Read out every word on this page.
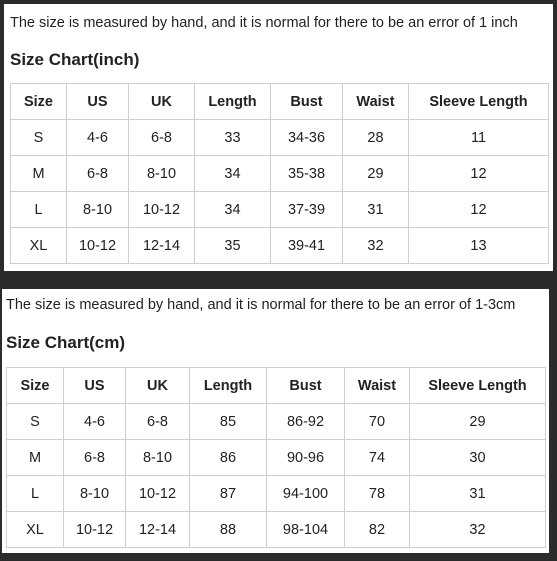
The size is measured by hand, and it is normal for there to be an error of 1 inch
Size Chart(inch)
Size	US	UK	Length	Bust	Waist	Sleeve Length
S	4-6	6-8	33	34-36	28	11
M	6-8	8-10	34	35-38	29	12
L	8-10	10-12	34	37-39	31	12
XL	10-12	12-14	35	39-41	32	13
The size is measured by hand, and it is normal for there to be an error of 1-3cm
Size Chart(cm)
Size	US	UK	Length	Bust	Waist	Sleeve Length
S	4-6	6-8	85	86-92	70	29
M	6-8	8-10	86	90-96	74	30
L	8-10	10-12	87	94-100	78	31
XL	10-12	12-14	88	98-104	82	32
